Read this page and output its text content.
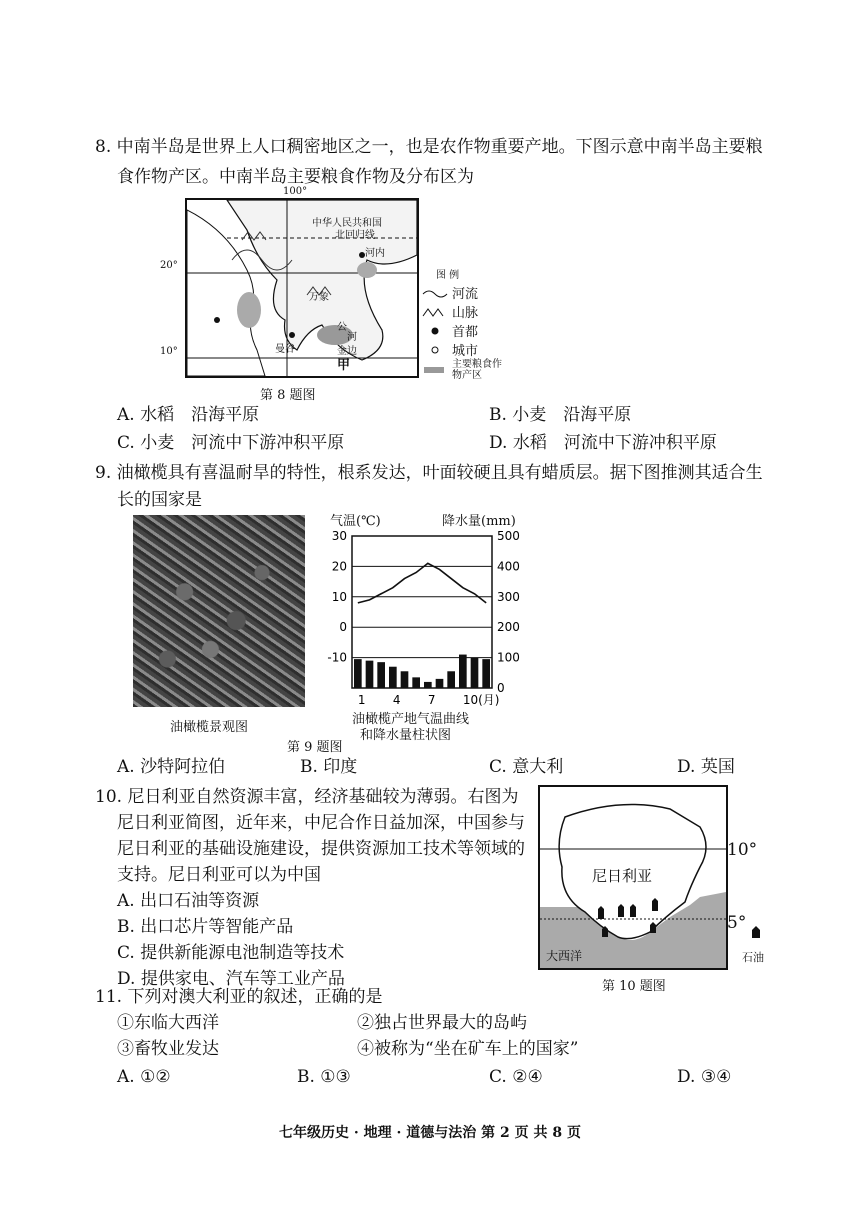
8. 中南半岛是世界上人口稠密地区之一，也是农作物重要产地。下图示意中南半岛主要粮
食作物产区。中南半岛主要粮食作物及分布区为
100°
中华人民共和国
北回归线
万象
河内
曼谷	金边
甲
公
河
20°
10°
图 例
河流
山脉
首都
城市
主要粮食作物产区
第 8 题图
A. 水稻　沿海平原	B. 小麦　沿海平原
C. 小麦　河流中下游冲积平原	D. 水稻　河流中下游冲积平原
9. 油橄榄具有喜温耐旱的特性，根系发达，叶面较硬且具有蜡质层。据下图推测其适合生
长的国家是
油橄榄景观图
气温(℃)	降水量(mm)
30
20
10
0
-10
500
400
300
200
100
0
1 4 7 10(月)
油橄榄产地气温曲线
和降水量柱状图
第 9 题图
A. 沙特阿拉伯	B. 印度	C. 意大利	D. 英国
10. 尼日利亚自然资源丰富，经济基础较为薄弱。右图为
尼日利亚简图，近年来，中尼合作日益加深，中国参与
尼日利亚的基础设施建设，提供资源加工技术等领域的
支持。尼日利亚可以为中国
A. 出口石油等资源
B. 出口芯片等智能产品
C. 提供新能源电池制造等技术
D. 提供家电、汽车等工业产品
尼日利亚
大西洋
10°
5°
石油
第 10 题图
11. 下列对澳大利亚的叙述，正确的是
①东临大西洋	②独占世界最大的岛屿
③畜牧业发达	④被称为“坐在矿车上的国家”
A. ①②	B. ①③	C. ②④	D. ③④
七年级历史 · 地理 · 道德与法治 第 2 页 共 8 页
